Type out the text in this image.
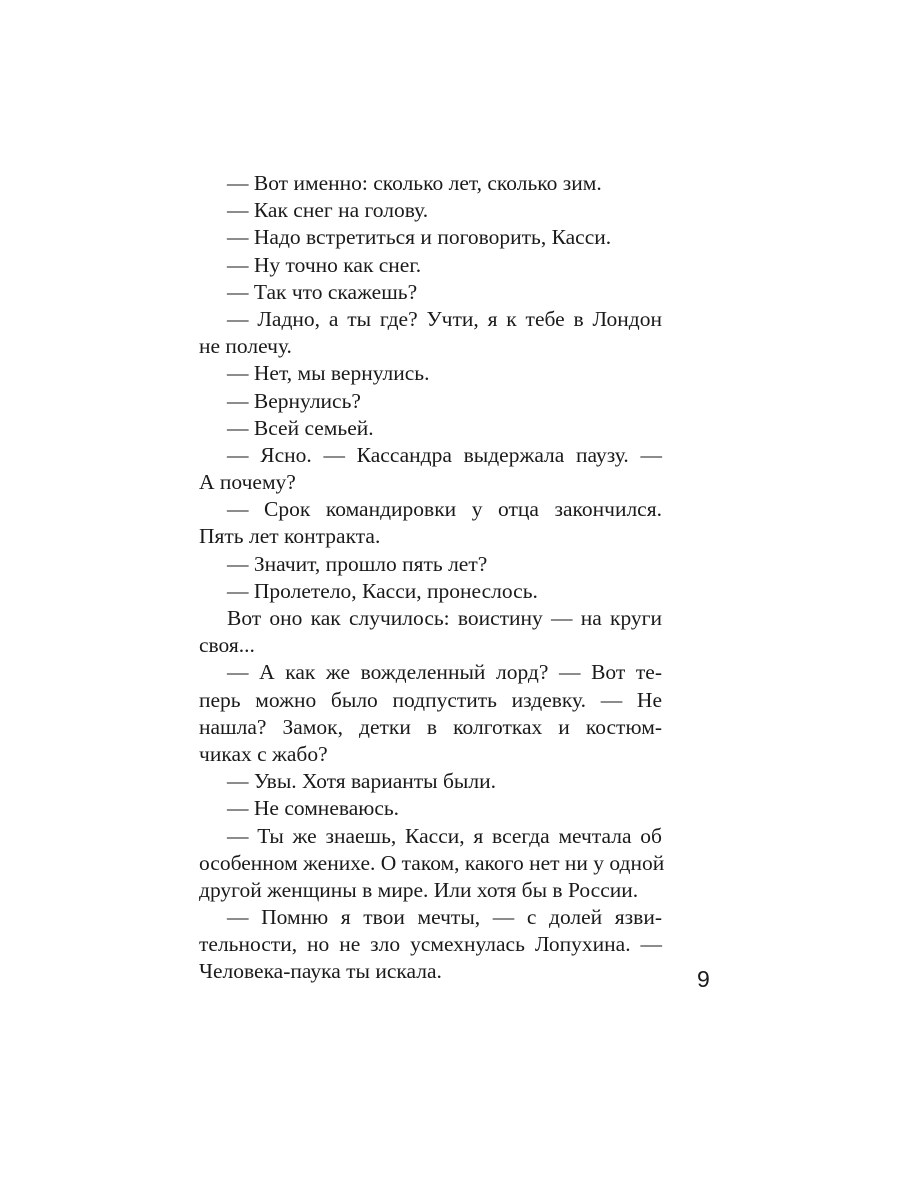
— Вот именно: сколько лет, сколько зим.
— Как снег на голову.
— Надо встретиться и поговорить, Касси.
— Ну точно как снег.
— Так что скажешь?
— Ладно, а ты где? Учти, я к тебе в Лондон
не полечу.
— Нет, мы вернулись.
— Вернулись?
— Всей семьей.
— Ясно. — Кассандра выдержала паузу. —
А почему?
— Срок командировки у отца закончился.
Пять лет контракта.
— Значит, прошло пять лет?
— Пролетело, Касси, пронеслось.
Вот оно как случилось: воистину — на круги
своя...
— А как же вожделенный лорд? — Вот те-
перь можно было подпустить издевку. — Не
нашла? Замок, детки в колготках и костюм-
чиках с жабо?
— Увы. Хотя варианты были.
— Не сомневаюсь.
— Ты же знаешь, Касси, я всегда мечтала об
особенном женихе. О таком, какого нет ни у одной
другой женщины в мире. Или хотя бы в России.
— Помню я твои мечты, — с долей язви-
тельности, но не зло усмехнулась Лопухина. —
Человека-паука ты искала.	9
